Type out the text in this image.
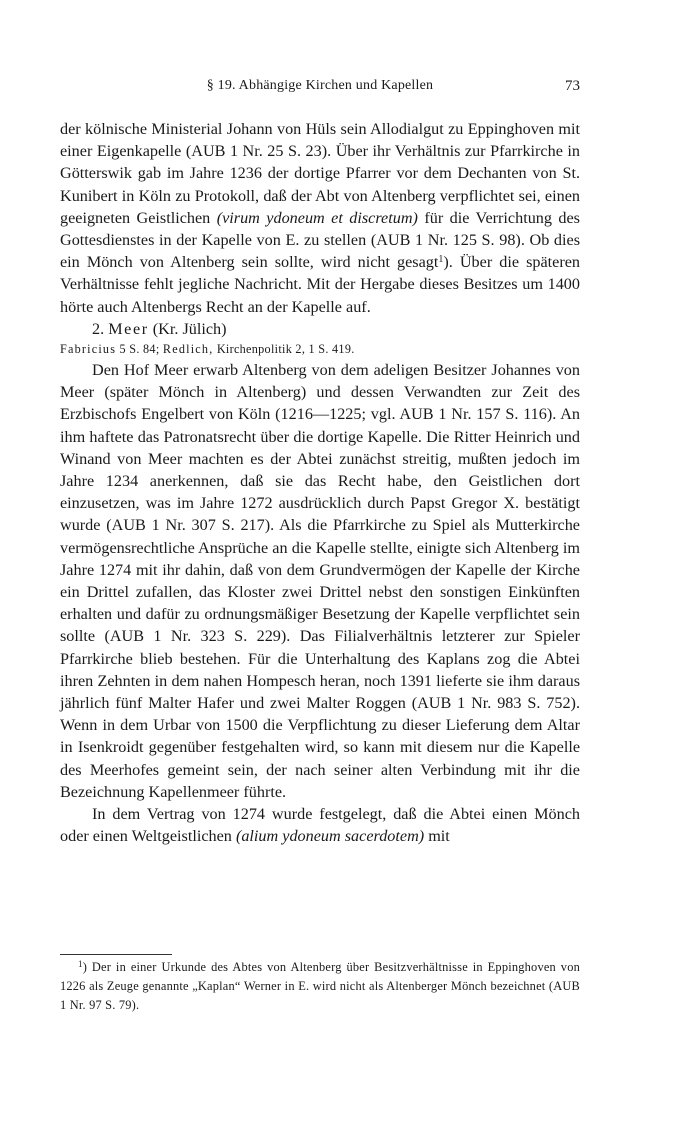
§ 19. Abhängige Kirchen und Kapellen	73

der kölnische Ministerial Johann von Hüls sein Allodialgut zu Eppinghoven mit einer Eigenkapelle (AUB 1 Nr. 25 S. 23). Über ihr Verhältnis zur Pfarrkirche in Götterswik gab im Jahre 1236 der dortige Pfarrer vor dem Dechanten von St. Kunibert in Köln zu Protokoll, daß der Abt von Altenberg verpflichtet sei, einen geeigneten Geistlichen (virum ydoneum et discretum) für die Verrichtung des Gottesdienstes in der Kapelle von E. zu stellen (AUB 1 Nr. 125 S. 98). Ob dies ein Mönch von Altenberg sein sollte, wird nicht gesagt$^1$). Über die späteren Verhältnisse fehlt jegliche Nachricht. Mit der Hergabe dieses Besitzes um 1400 hörte auch Altenbergs Recht an der Kapelle auf.

2. Meer (Kr. Jülich)

Fabricius 5 S. 84; Redlich, Kirchenpolitik 2, 1 S. 419.

Den Hof Meer erwarb Altenberg von dem adeligen Besitzer Johannes von Meer (später Mönch in Altenberg) und dessen Verwandten zur Zeit des Erzbischofs Engelbert von Köln (1216—1225; vgl. AUB 1 Nr. 157 S. 116). An ihm haftete das Patronatsrecht über die dortige Kapelle. Die Ritter Heinrich und Winand von Meer machten es der Abtei zunächst streitig, mußten jedoch im Jahre 1234 anerkennen, daß sie das Recht habe, den Geistlichen dort einzusetzen, was im Jahre 1272 ausdrücklich durch Papst Gregor X. bestätigt wurde (AUB 1 Nr. 307 S. 217). Als die Pfarrkirche zu Spiel als Mutterkirche vermögensrechtliche Ansprüche an die Kapelle stellte, einigte sich Altenberg im Jahre 1274 mit ihr dahin, daß von dem Grundvermögen der Kapelle der Kirche ein Drittel zufallen, das Kloster zwei Drittel nebst den sonstigen Einkünften erhalten und dafür zu ordnungsmäßiger Besetzung der Kapelle verpflichtet sein sollte (AUB 1 Nr. 323 S. 229). Das Filialverhältnis letzterer zur Spieler Pfarrkirche blieb bestehen. Für die Unterhaltung des Kaplans zog die Abtei ihren Zehnten in dem nahen Hompesch heran, noch 1391 lieferte sie ihm daraus jährlich fünf Malter Hafer und zwei Malter Roggen (AUB 1 Nr. 983 S. 752). Wenn in dem Urbar von 1500 die Verpflichtung zu dieser Lieferung dem Altar in Isenkroidt gegenüber festgehalten wird, so kann mit diesem nur die Kapelle des Meerhofes gemeint sein, der nach seiner alten Verbindung mit ihr die Bezeichnung Kapellenmeer führte.

In dem Vertrag von 1274 wurde festgelegt, daß die Abtei einen Mönch oder einen Weltgeistlichen (alium ydoneum sacerdotem) mit

$^1$) Der in einer Urkunde des Abtes von Altenberg über Besitzverhältnisse in Eppinghoven von 1226 als Zeuge genannte „Kaplan“ Werner in E. wird nicht als Altenberger Mönch bezeichnet (AUB 1 Nr. 97 S. 79).
